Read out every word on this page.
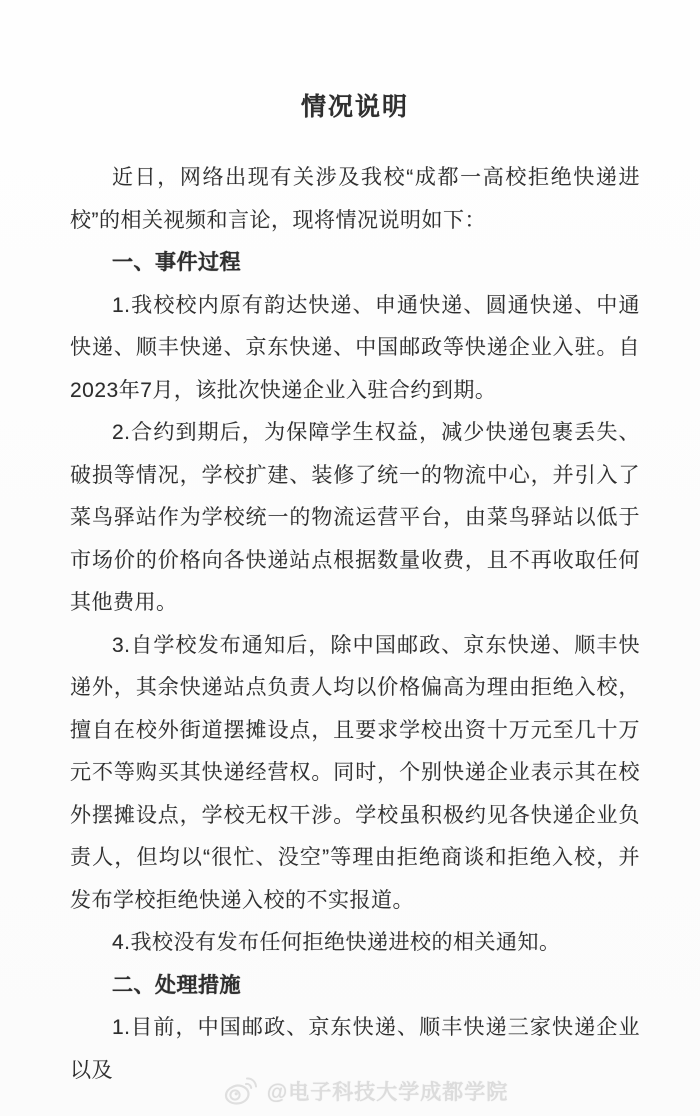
情况说明

近日，网络出现有关涉及我校“成都一高校拒绝快递进校”的相关视频和言论，现将情况说明如下：

一、事件过程

1.我校校内原有韵达快递、申通快递、圆通快递、中通快递、顺丰快递、京东快递、中国邮政等快递企业入驻。自2023年7月，该批次快递企业入驻合约到期。

2.合约到期后，为保障学生权益，减少快递包裹丢失、破损等情况，学校扩建、装修了统一的物流中心，并引入了菜鸟驿站作为学校统一的物流运营平台，由菜鸟驿站以低于市场价的价格向各快递站点根据数量收费，且不再收取任何其他费用。

3.自学校发布通知后，除中国邮政、京东快递、顺丰快递外，其余快递站点负责人均以价格偏高为理由拒绝入校，擅自在校外街道摆摊设点，且要求学校出资十万元至几十万元不等购买其快递经营权。同时，个别快递企业表示其在校外摆摊设点，学校无权干涉。学校虽积极约见各快递企业负责人，但均以“很忙、没空”等理由拒绝商谈和拒绝入校，并发布学校拒绝快递入校的不实报道。

4.我校没有发布任何拒绝快递进校的相关通知。

二、处理措施

1.目前，中国邮政、京东快递、顺丰快递三家快递企业以及

@电子科技大学成都学院
